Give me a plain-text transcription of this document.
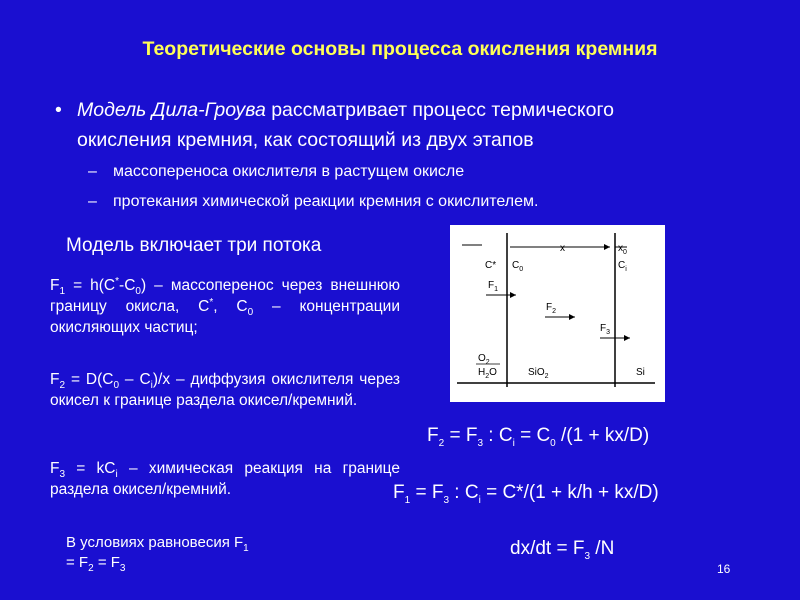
Теоретические основы процесса окисления кремния
• Модель Дила-Гроува рассматривает процесс термического
окисления кремния, как состоящий из двух этапов
– массопереноса окислителя в растущем окисле
– протекания химической реакции кремния с окислителем.
Модель включает три потока
$F_1 = h(C^*-C_0)$ – массоперенос через внешнюю границу окисла, C*, $C_0$ – концентрации окисляющих частиц;
$F_2 = D(C_0 - C_i)/x$ – диффузия окислителя через окисел к границе раздела окисел/кремний.
$F_3 = kC_i$ – химическая реакция на границе раздела окисел/кремний.
x	$x_0$
C* $C_0$	$C_i$
$F_1$
$F_2$
$F_3$
$O_2$
$H_2O$	SiO$_2$	Si
$F_2 = F_3$ : $C_i = C_0$ /(1 + kx/D)
$F_1 = F_3$ : $C_i = C*/(1 + k/h + kx/D)$
$dx/dt = F_3$ /N
В условиях равновесия $F_1$
= $F_2 = F_3$	16
